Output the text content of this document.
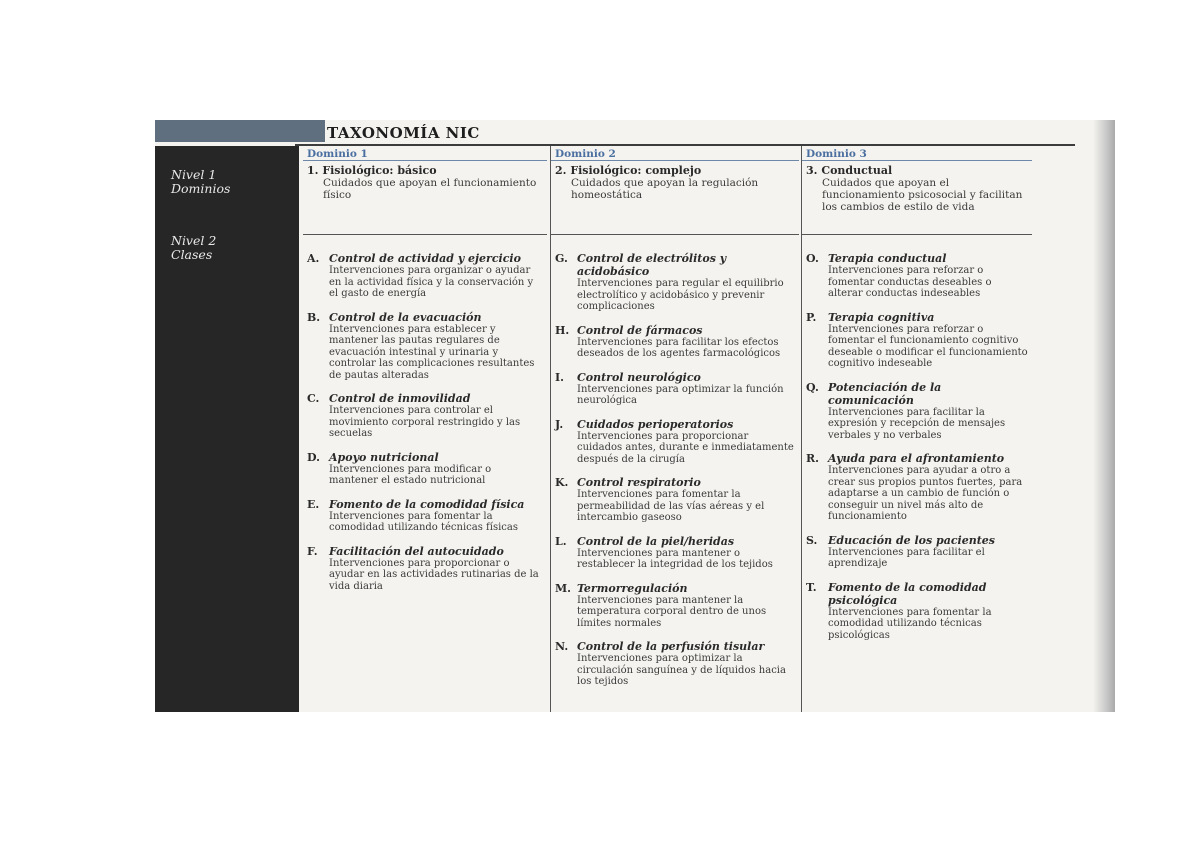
TAXONOMÍA NIC
Nivel 1
Dominios
Nivel 2
Clases
Dominio 1
1. Fisiológico: básico
Cuidados que apoyan el funcionamiento físico
A. Control de actividad y ejercicio
Intervenciones para organizar o ayudar en la actividad física y la conservación y el gasto de energía
B. Control de la evacuación
Intervenciones para establecer y mantener las pautas regulares de evacuación intestinal y urinaria y controlar las complicaciones resultantes de pautas alteradas
C. Control de inmovilidad
Intervenciones para controlar el movimiento corporal restringido y las secuelas
D. Apoyo nutricional
Intervenciones para modificar o mantener el estado nutricional
E. Fomento de la comodidad física
Intervenciones para fomentar la comodidad utilizando técnicas físicas
F.	Facilitación del autocuidado
Intervenciones para proporcionar o ayudar en las actividades rutinarias de la vida diaria
Dominio 2
2. Fisiológico: complejo
Cuidados que apoyan la regulación homeostática
G. Control de electrólitos y acidobásico
Intervenciones para regular el equilibrio electrolítico y acidobásico y prevenir complicaciones
H. Control de fármacos
Intervenciones para facilitar los efectos deseados de los agentes farmacológicos
I.	Control neurológico
Intervenciones para optimizar la función neurológica
J.	Cuidados perioperatorios
Intervenciones para proporcionar cuidados antes, durante e inmediatamente después de la cirugía
K. Control respiratorio
Intervenciones para fomentar la permeabilidad de las vías aéreas y el intercambio gaseoso
L. Control de la piel/heridas
Intervenciones para mantener o restablecer la integridad de los tejidos
M. Termorregulación
Intervenciones para mantener la temperatura corporal dentro de unos límites normales
N. Control de la perfusión tisular
Intervenciones para optimizar la circulación sanguínea y de líquidos hacia los tejidos
Dominio 3
3. Conductual
Cuidados que apoyan el funcionamiento psicosocial y facilitan los cambios de estilo de vida
O. Terapia conductual
Intervenciones para reforzar o fomentar conductas deseables o alterar conductas indeseables
P.	Terapia cognitiva
Intervenciones para reforzar o fomentar el funcionamiento cognitivo deseable o modificar el funcionamiento cognitivo indeseable
Q. Potenciación de la comunicación
Intervenciones para facilitar la expresión y recepción de mensajes verbales y no verbales
R. Ayuda para el afrontamiento
Intervenciones para ayudar a otro a crear sus propios puntos fuertes, para adaptarse a un cambio de función o conseguir un nivel más alto de funcionamiento
S. Educación de los pacientes
Intervenciones para facilitar el aprendizaje
T.	Fomento de la comodidad psicológica
Intervenciones para fomentar la comodidad utilizando técnicas psicológicas
